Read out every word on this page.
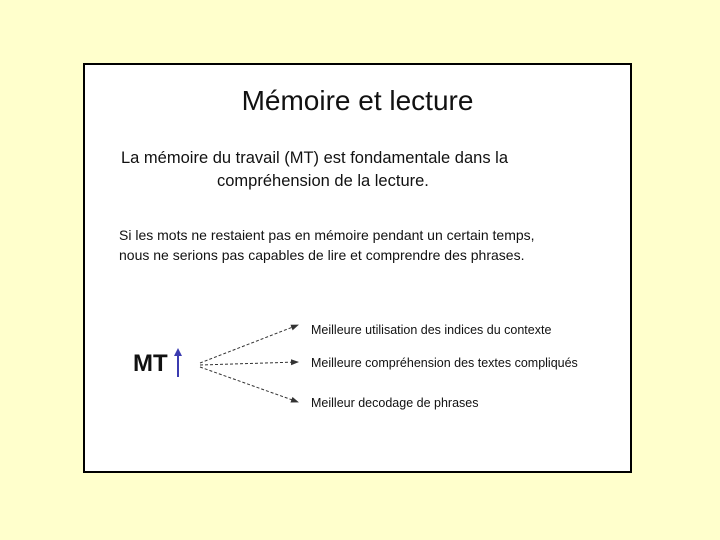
Mémoire et lecture
La mémoire du travail (MT) est fondamentale dans la
compréhension de la lecture.
Si les mots ne restaient pas en mémoire pendant un certain temps,
nous ne serions pas capables de lire et comprendre des phrases.
MT
Meilleure utilisation des indices du contexte
Meilleure compréhension des textes compliqués
Meilleur decodage de phrases
